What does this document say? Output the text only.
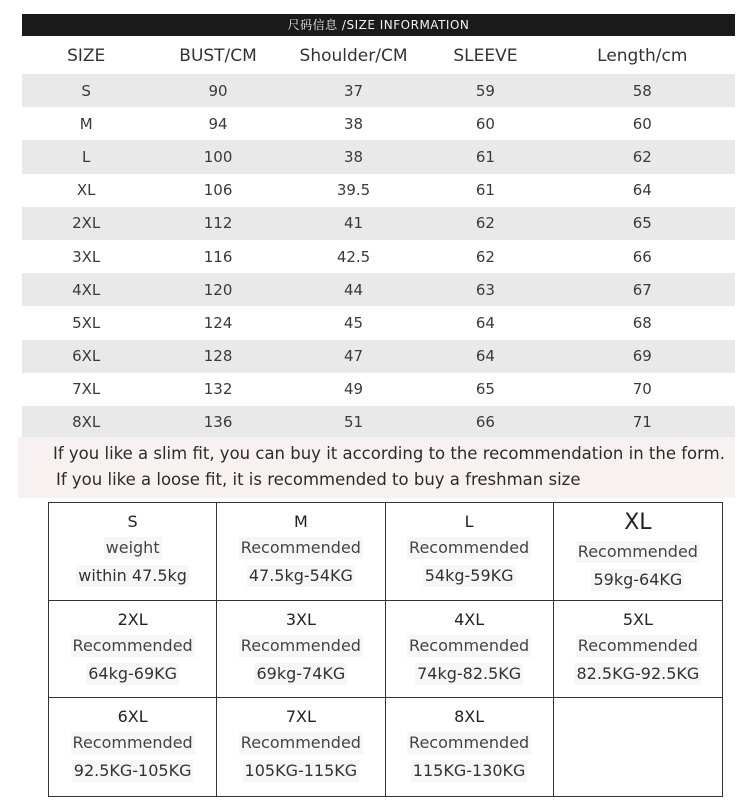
尺码信息 /SIZE INFORMATION
SIZE	BUST/CM	Shoulder/CM	SLEEVE	Length/cm
S	90	37	59	58
M	94	38	60	60
L	100	38	61	62
XL	106	39.5	61	64
2XL	112	41	62	65
3XL	116	42.5	62	66
4XL	120	44	63	67
5XL	124	45	64	68
6XL	128	47	64	69
7XL	132	49	65	70
8XL	136	51	66	71
If you like a slim fit, you can buy it according to the recommendation in the form.
If you like a loose fit, it is recommended to buy a freshman size
S
weight
within 47.5kg
M
Recommended
47.5kg-54KG
L
Recommended
54kg-59KG
XL
Recommended
59kg-64KG
2XL
Recommended
64kg-69KG
3XL
Recommended
69kg-74KG
4XL
Recommended
74kg-82.5KG
5XL
Recommended
82.5KG-92.5KG
6XL
Recommended
92.5KG-105KG
7XL
Recommended
105KG-115KG
8XL
Recommended
115KG-130KG
